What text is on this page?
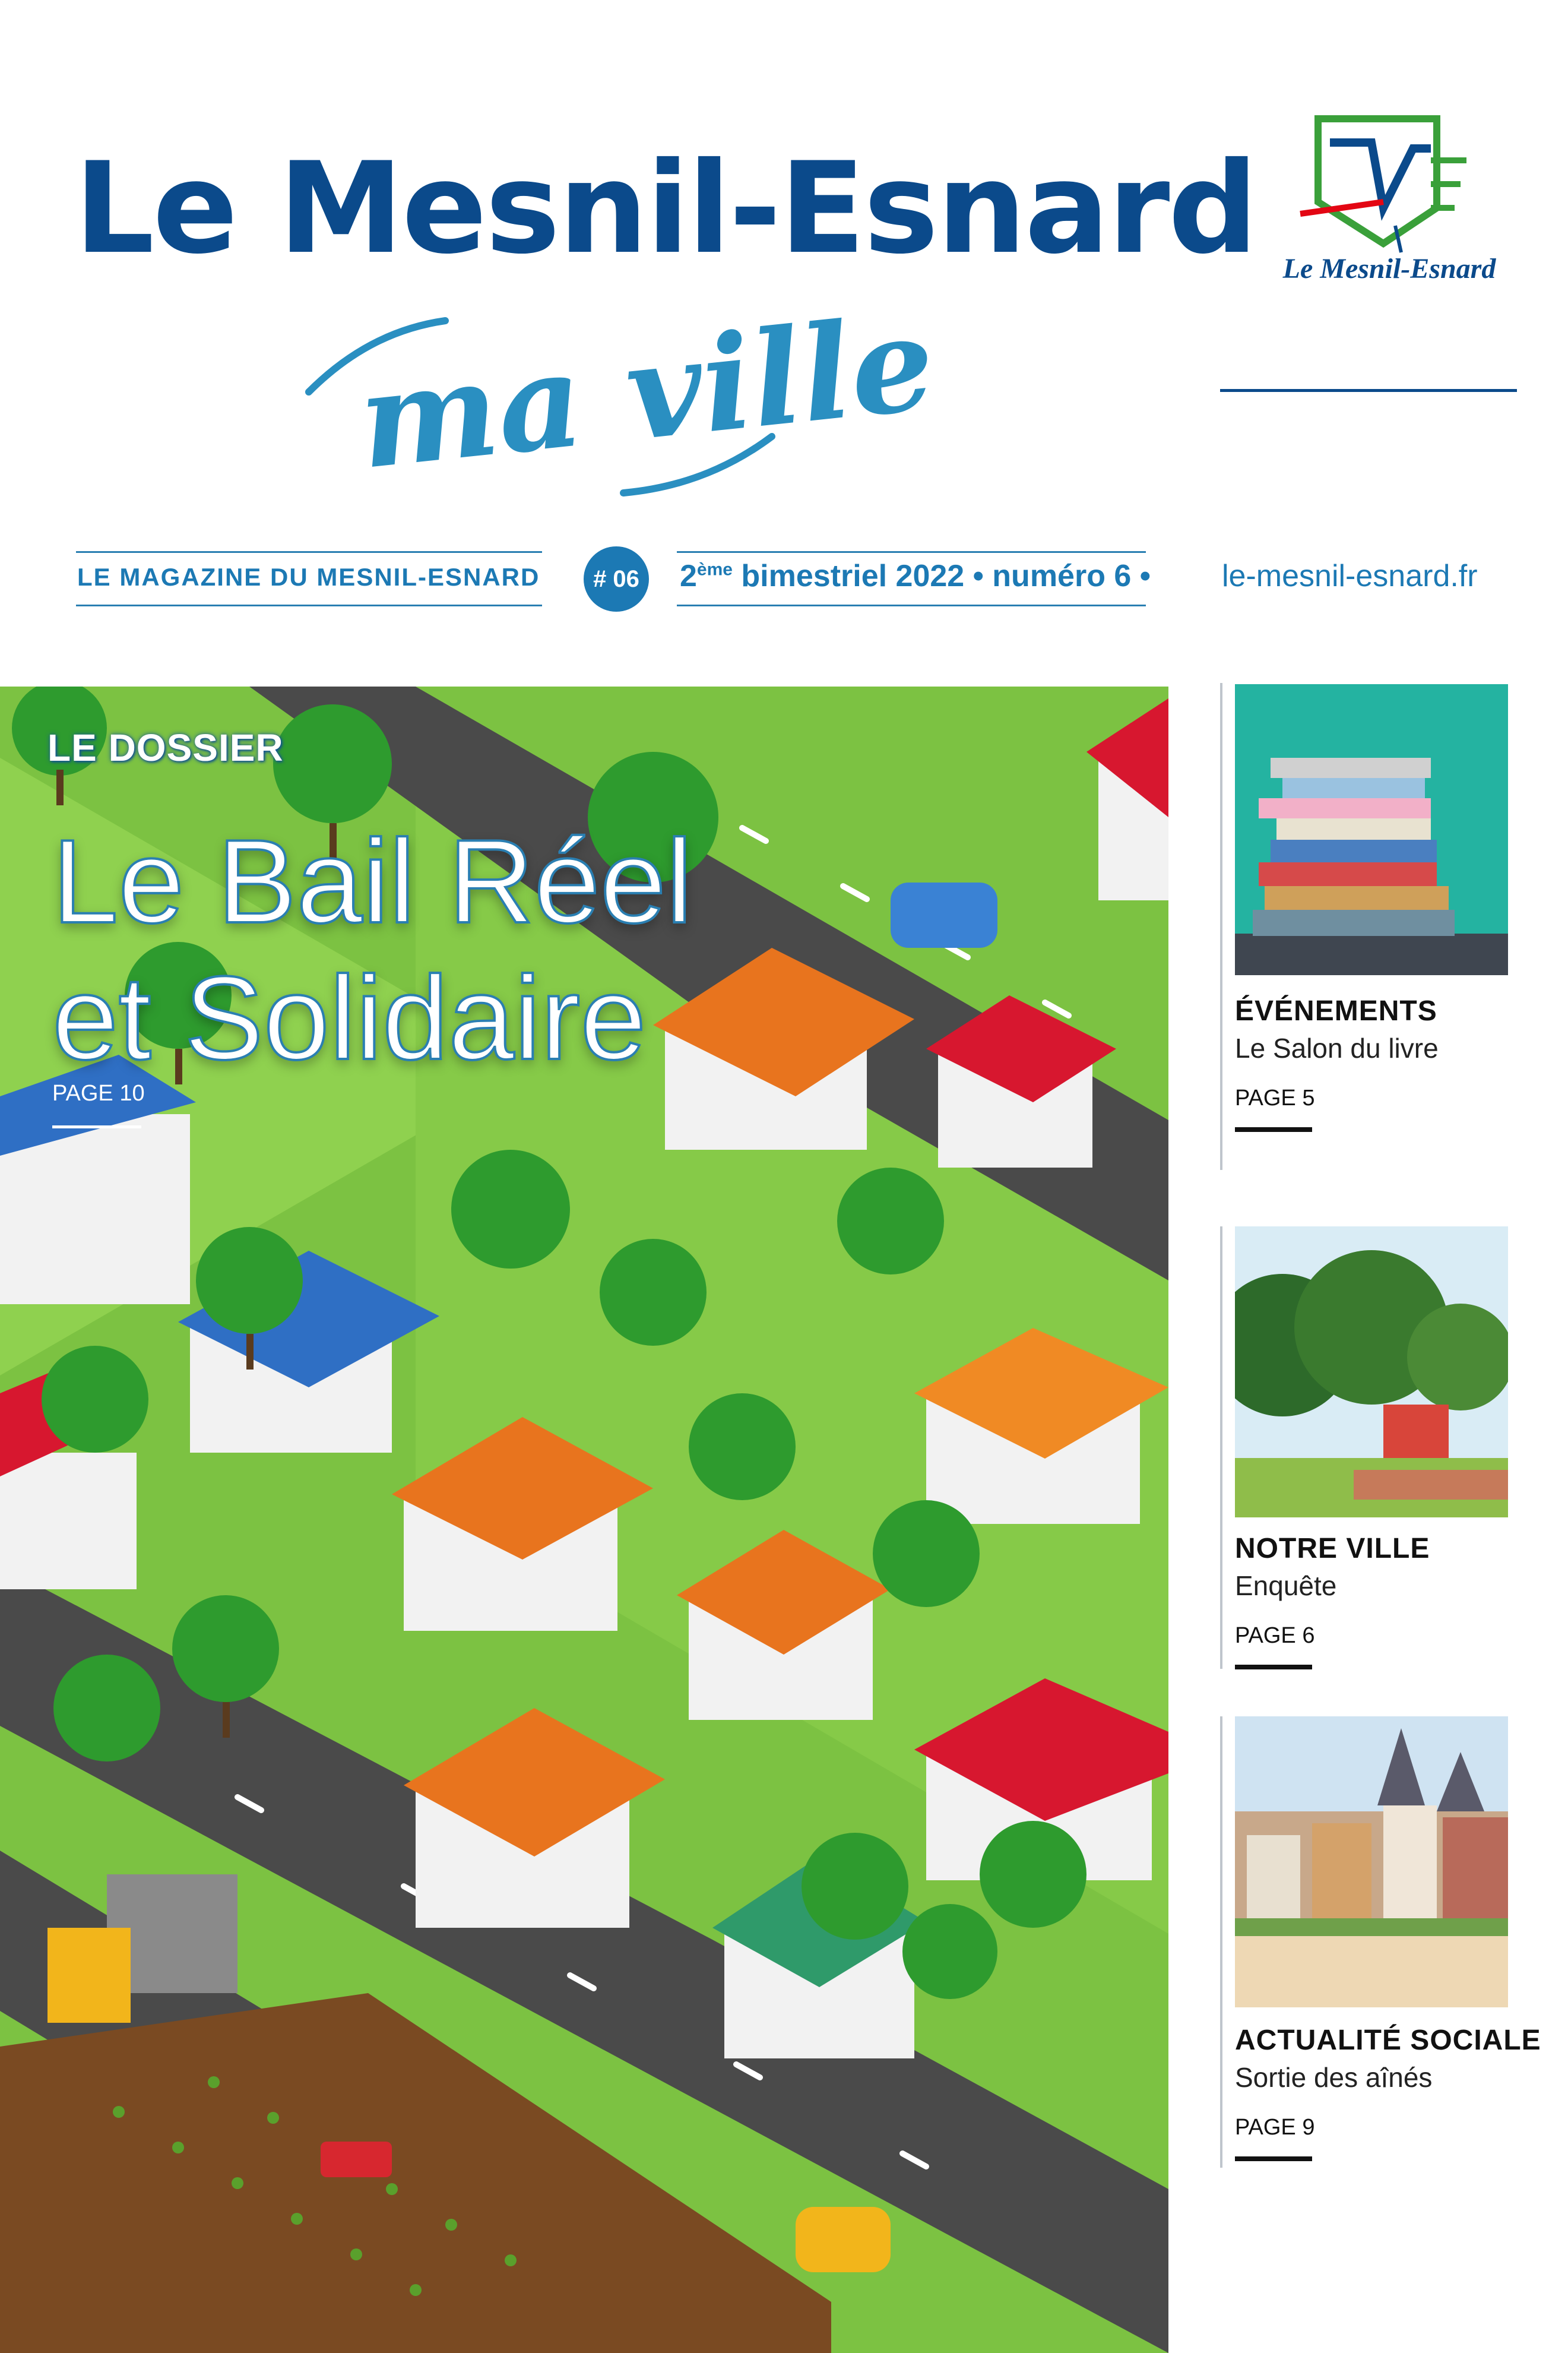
Le Mesnil-Esnard
ma ville
Le Mesnil-Esnard
LE MAGAZINE DU MESNIL-ESNARD	# 06	2ème bimestriel 2022 • numéro 6 • le-mesnil-esnard.fr
LE DOSSIER
Le Bail Réel et Solidaire
PAGE 10
ÉVÉNEMENTS
Le Salon du livre
PAGE 5
NOTRE VILLE
Enquête
PAGE 6
ACTUALITÉ SOCIALE
Sortie des aînés
PAGE 9
